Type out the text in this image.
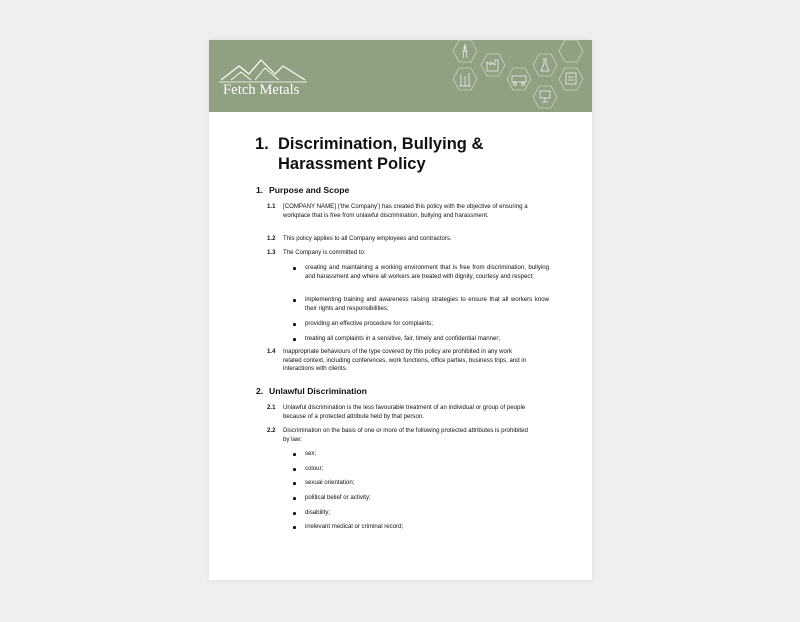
Fetch Metals
1. Discrimination, Bullying & Harassment Policy
1. Purpose and Scope
1.1 [COMPANY NAME] ('the Company') has created this policy with the objective of ensuring a workplace that is free from unlawful discrimination, bullying and harassment.
1.2 This policy applies to all Company employees and contractors.
1.3 The Company is committed to:
creating and maintaining a working environment that is free from discrimination, bullying and harassment and where all workers are treated with dignity, courtesy and respect;
implementing training and awareness raising strategies to ensure that all workers know their rights and responsibilities;
providing an effective procedure for complaints;
treating all complaints in a sensitive, fair, timely and confidential manner;
1.4 Inappropriate behaviours of the type covered by this policy are prohibited in any work related context, including conferences, work functions, office parties, business trips, and in interactions with clients.
2. Unlawful Discrimination
2.1 Unlawful discrimination is the less favourable treatment of an individual or group of people because of a protected attribute held by that person.
2.2 Discrimination on the basis of one or more of the following protected attributes is prohibited by law:
sex;
colour;
sexual orientation;
political belief or activity;
disability;
irrelevant medical or criminal record;
